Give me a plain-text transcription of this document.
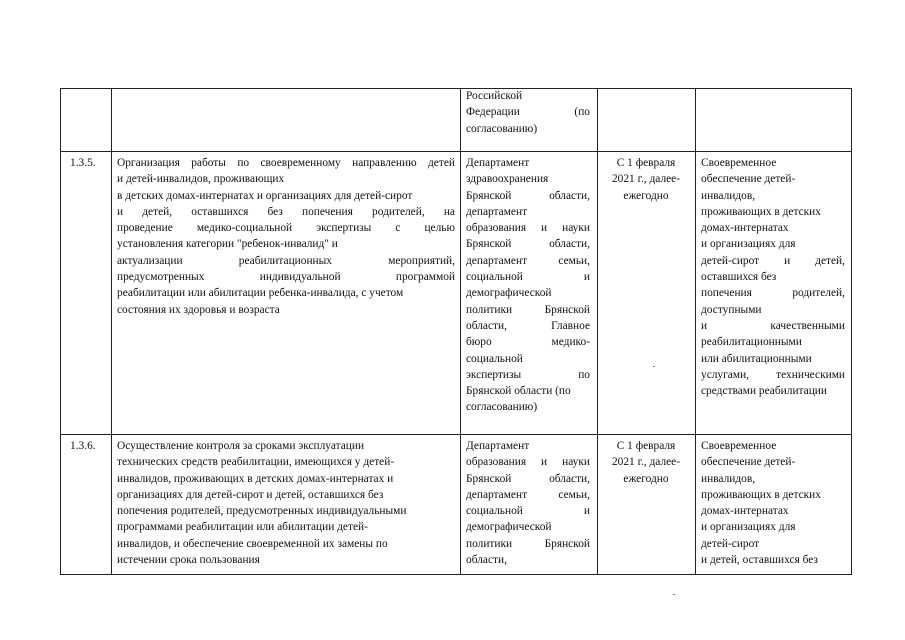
Российской
Федерации (по
согласованию)
1.3.5. Организация работы по своевременному направлению детей
и детей-инвалидов, проживающих
в детских домах-интернатах и организациях для детей-сирот
и детей, оставшихся без попечения родителей, на
проведение медико-социальной экспертизы с целью
установления категории "ребенок-инвалид" и
актуализации реабилитационных мероприятий,
предусмотренных индивидуальной программой
реабилитации или абилитации ребенка-инвалида, с учетом
состояния их здоровья и возраста
Департамент
здравоохранения
Брянской области,
департамент
образования и науки
Брянской области,
департамент семьи,
социальной и
демографической
политики Брянской
области, Главное
бюро медико-
социальной
экспертизы по
Брянской области (по
согласованию)
С 1 февраля
2021 г., далее-
ежегодно
Своевременное
обеспечение детей-
инвалидов,
проживающих в детских
домах-интернатах
и организациях для
детей-сирот и детей,
оставшихся без
попечения родителей,
доступными
и качественными
реабилитационными
или абилитационными
услугами, техническими
средствами реабилитации
1.3.6. Осуществление контроля за сроками эксплуатации
технических средств реабилитации, имеющихся у детей-
инвалидов, проживающих в детских домах-интернатах и
организациях для детей-сирот и детей, оставшихся без
попечения родителей, предусмотренных индивидуальными
программами реабилитации или абилитации детей-
инвалидов, и обеспечение своевременной их замены по
истечении срока пользования
Департамент
образования и науки
Брянской области,
департамент семьи,
социальной и
демографической
политики Брянской
области,
С 1 февраля
2021 г., далее-
ежегодно
Своевременное
обеспечение детей-
инвалидов,
проживающих в детских
домах-интернатах
и организациях для
детей-сирот
и детей, оставшихся без
